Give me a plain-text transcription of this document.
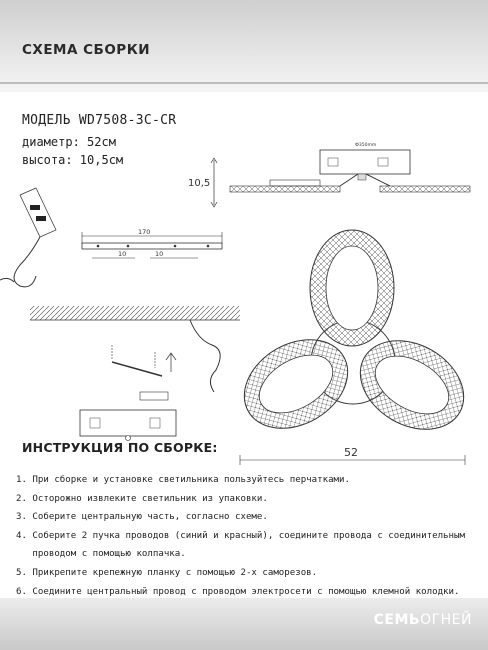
СХЕМА СБОРКИ
МОДЕЛЬ WD7508-3C-CR
диаметр: 52см
высота: 10,5см
10,5
Ф350mm
170
10	10
52
ИНСТРУКЦИЯ ПО СБОРКЕ:
1. При сборке и установке светильника пользуйтесь перчатками.
2. Осторожно извлеките светильник из упаковки.
3. Соберите центральную часть, согласно схеме.
4. Соберите 2 пучка проводов (синий и красный), соедините провода с соединительным
проводом с помощью колпачка.
5. Прикрепите крепежную планку с помощью 2-х саморезов.
6. Соедините центральный провод с проводом электросети с помощью клемной колодки.
СЕМЬОГНЕЙ
